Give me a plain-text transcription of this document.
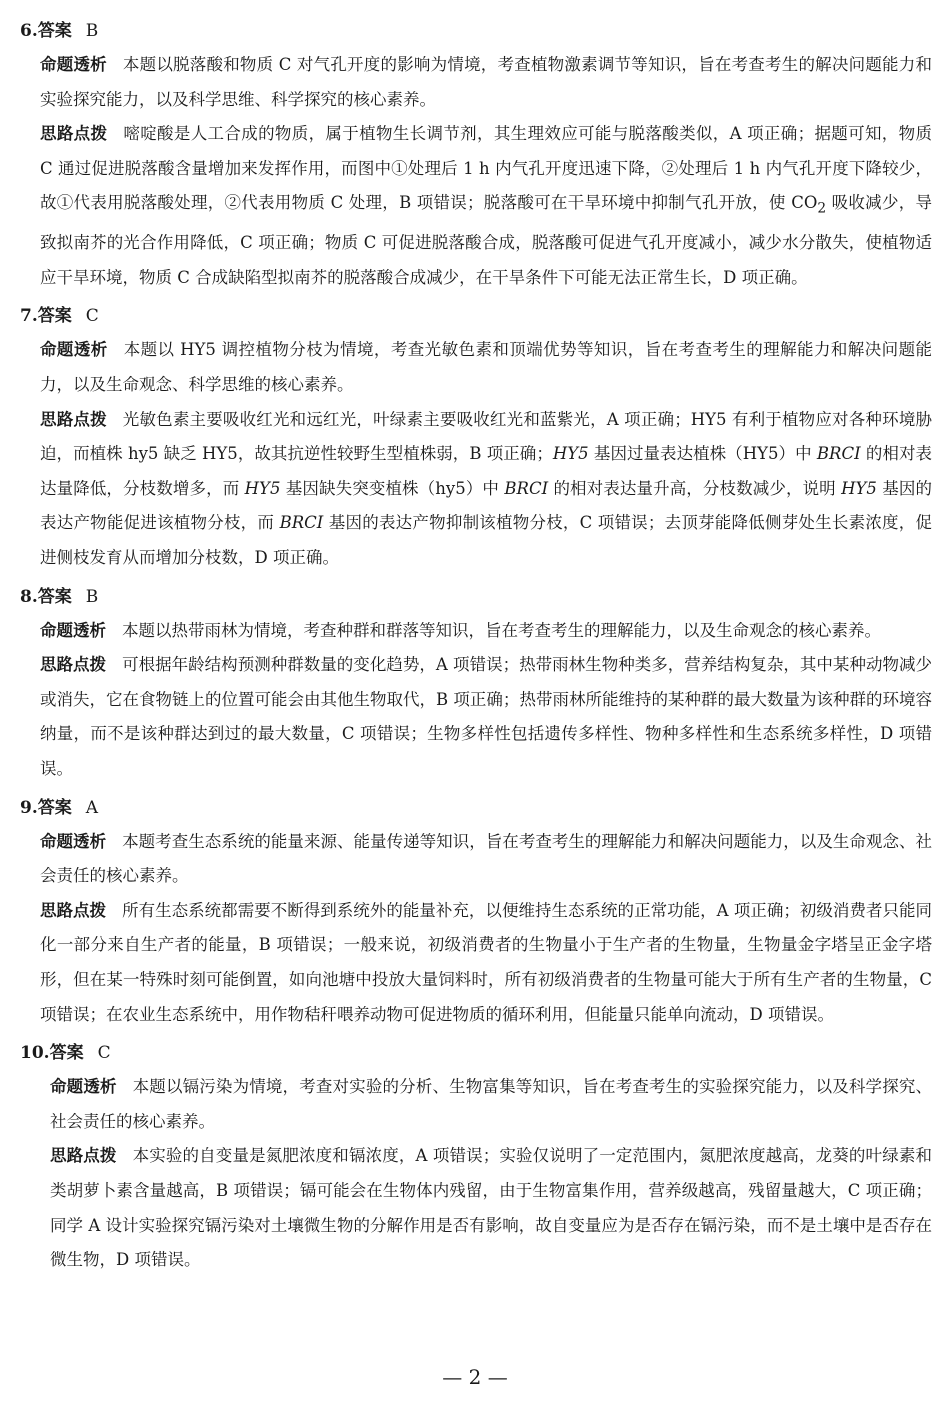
6.答案 B

命题透析 本题以脱落酸和物质 C 对气孔开度的影响为情境，考查植物激素调节等知识，旨在考查考生的解决问题能力和实验探究能力，以及科学思维、科学探究的核心素养。

思路点拨 嘧啶酸是人工合成的物质，属于植物生长调节剂，其生理效应可能与脱落酸类似，A 项正确；据题可知，物质 C 通过促进脱落酸含量增加来发挥作用，而图中①处理后 1 h 内气孔开度迅速下降，②处理后 1 h 内气孔开度下降较少，故①代表用脱落酸处理，②代表用物质 C 处理，B 项错误；脱落酸可在干旱环境中抑制气孔开放，使 $CO_2$ 吸收减少，导致拟南芥的光合作用降低，C 项正确；物质 C 可促进脱落酸合成，脱落酸可促进气孔开度减小，减少水分散失，使植物适应干旱环境，物质 C 合成缺陷型拟南芥的脱落酸合成减少，在干旱条件下可能无法正常生长，D 项正确。

7.答案 C

命题透析 本题以 HY5 调控植物分枝为情境，考查光敏色素和顶端优势等知识，旨在考查考生的理解能力和解决问题能力，以及生命观念、科学思维的核心素养。

思路点拨 光敏色素主要吸收红光和远红光，叶绿素主要吸收红光和蓝紫光，A 项正确；HY5 有利于植物应对各种环境胁迫，而植株 hy5 缺乏 HY5，故其抗逆性较野生型植株弱，B 项正确；HY5 基因过量表达植株（HY5）中 BRCI 的相对表达量降低，分枝数增多，而 HY5 基因缺失突变植株（hy5）中 BRCI 的相对表达量升高，分枝数减少，说明 HY5 基因的表达产物能促进该植物分枝，而 BRCI 基因的表达产物抑制该植物分枝，C 项错误；去顶芽能降低侧芽处生长素浓度，促进侧枝发育从而增加分枝数，D 项正确。

8.答案 B

命题透析 本题以热带雨林为情境，考查种群和群落等知识，旨在考查考生的理解能力，以及生命观念的核心素养。

思路点拨 可根据年龄结构预测种群数量的变化趋势，A 项错误；热带雨林生物种类多，营养结构复杂，其中某种动物减少或消失，它在食物链上的位置可能会由其他生物取代，B 项正确；热带雨林所能维持的某种群的最大数量为该种群的环境容纳量，而不是该种群达到过的最大数量，C 项错误；生物多样性包括遗传多样性、物种多样性和生态系统多样性，D 项错误。

9.答案 A

命题透析 本题考查生态系统的能量来源、能量传递等知识，旨在考查考生的理解能力和解决问题能力，以及生命观念、社会责任的核心素养。

思路点拨 所有生态系统都需要不断得到系统外的能量补充，以便维持生态系统的正常功能，A 项正确；初级消费者只能同化一部分来自生产者的能量，B 项错误；一般来说，初级消费者的生物量小于生产者的生物量，生物量金字塔呈正金字塔形，但在某一特殊时刻可能倒置，如向池塘中投放大量饲料时，所有初级消费者的生物量可能大于所有生产者的生物量，C 项错误；在农业生态系统中，用作物秸秆喂养动物可促进物质的循环利用，但能量只能单向流动，D 项错误。

10.答案 C

命题透析 本题以镉污染为情境，考查对实验的分析、生物富集等知识，旨在考查考生的实验探究能力，以及科学探究、社会责任的核心素养。

思路点拨 本实验的自变量是氮肥浓度和镉浓度，A 项错误；实验仅说明了一定范围内，氮肥浓度越高，龙葵的叶绿素和类胡萝卜素含量越高，B 项错误；镉可能会在生物体内残留，由于生物富集作用，营养级越高，残留量越大，C 项正确；同学 A 设计实验探究镉污染对土壤微生物的分解作用是否有影响，故自变量应为是否存在镉污染，而不是土壤中是否存在微生物，D 项错误。

— 2 —
